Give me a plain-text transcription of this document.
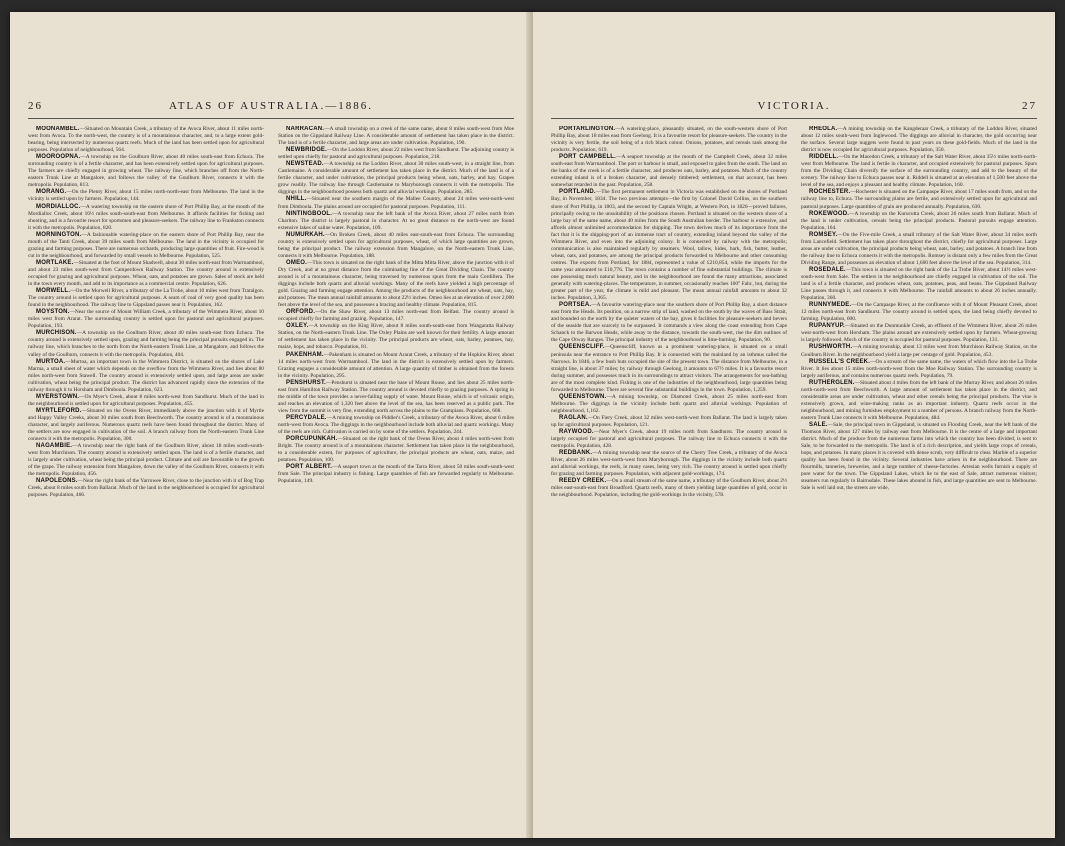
26	ATLAS OF AUSTRALIA.—1886.

MOONAMBEL.—Situated on Mountain Creek, a tributary of the Avoca River, about 11 miles north-west from Avoca. To the north-west, the country is of a mountainous character, and, to a large extent gold-bearing, being intersected by numerous quartz reefs. Much of the land has been settled upon for agricultural purposes. Population of neighbourhood, 564.

MOOROOPNA.—A township on the Goulburn River, about 40 miles south-east from Echuca. The surrounding country is of a fertile character, and has been extensively settled upon for agricultural purposes. The farmers are chiefly engaged in growing wheat. The railway line, which branches off from the North-eastern Trunk Line at Mangalore, and follows the valley of the Goulburn River, connects it with the metropolis. Population, 813.

MORANG.—On the Plenty River, about 15 miles north-north-east from Melbourne. The land in the vicinity is settled upon by farmers. Population, 144.

MORDIALLOC.—A watering township on the eastern shore of Port Phillip Bay, at the mouth of the Mordialloc Creek, about 16½ miles south-south-east from Melbourne. It affords facilities for fishing and shooting, and is a favourite resort for sportsmen and pleasure-seekers. The railway line to Frankston connects it with the metropolis. Population, 820.

MORNINGTON.—A fashionable watering-place on the eastern shore of Port Phillip Bay, near the mouth of the Tanti Creek, about 39 miles south from Melbourne. The land in the vicinity is occupied for grazing and farming purposes. There are numerous orchards, producing large quantities of fruit. Fire-wood is cut in the neighbourhood, and forwarded by small vessels to Melbourne. Population, 525.

MORTLAKE.—Situated at the foot of Mount Shadwell, about 30 miles north-east from Warrnambool, and about 23 miles south-west from Camperdown Railway Station. The country around is extensively occupied for grazing and agricultural purposes. Wheat, oats, and potatoes are grown. Sales of stock are held in the town every month, and add to its importance as a commercial centre. Population, 626.

MORWELL.—On the Morwell River, a tributary of the La Trobe, about 10 miles west from Traralgon. The country around is settled upon for agricultural purposes. A seam of coal of very good quality has been found in the neighbourhood. The railway line to Gippsland passes near it. Population, 162.

MOYSTON.—Near the source of Mount William Creek, a tributary of the Wimmera River, about 10 miles west from Ararat. The surrounding country is settled upon for pastoral and agricultural purposes. Population, 193.

MURCHISON.—A township on the Goulburn River, about 40 miles south-east from Echuca. The country around is extensively settled upon, grazing and farming being the principal pursuits engaged in. The railway line, which branches to the north from the North-eastern Trunk Line, at Mangalore, and follows the valley of the Goulburn, connects it with the metropolis. Population, 404.

MURTOA.—Murtoa, an important town in the Wimmera District, is situated on the shores of Lake Marma, a small sheet of water which depends on the overflow from the Wimmera River, and lies about 80 miles north-west from Stawell. The country around is extensively settled upon, and large areas are under cultivation, wheat being the principal product. The district has advanced rapidly since the extension of the railway through it to Horsham and Dimboola. Population, 623.

MYERSTOWN.—On Myer's Creek, about 8 miles north-west from Sandhurst. Much of the land in the neighbourhood is settled upon for agricultural purposes. Population, 455.

MYRTLEFORD.—Situated on the Ovens River, immediately above the junction with it of Myrtle and Happy Valley Creeks, about 30 miles south from Beechworth. The country around is of a mountainous character, and largely auriferous. Numerous quartz reefs have been found throughout the district. Many of the settlers are now engaged in cultivation of the soil. A branch railway from the North-eastern Trunk Line connects it with the metropolis. Population, 300.

NAGAMBIE.—A township near the right bank of the Goulburn River, about 18 miles south-south-west from Murchison. The country around is extensively settled upon. The land is of a fertile character, and is largely under cultivation, wheat being the principal product. Climate and soil are favourable to the growth of the grape. The railway extension from Mangalore, down the valley of the Goulburn River, connects it with the metropolis. Population, 456.

NAPOLEONS.—Near the right bank of the Yarrowee River, close to the junction with it of Bog Trap Creek, about 8 miles south from Ballarat. Much of the land in the neighbourhood is occupied for agricultural purposes. Population, 466.

NARRACAN.—A small township on a creek of the same name, about 8 miles south-west from Moe Station on the Gippsland Railway Line. A considerable amount of settlement has taken place in the district. The land is of a fertile character, and large areas are under cultivation. Population, 190.

NEWBRIDGE.—On the Loddon River, about 22 miles west from Sandhurst. The adjoining country is settled upon chiefly for pastoral and agricultural purposes. Population, 218.

NEWSTEAD.—A township on the Loddon River, about 30 miles south-west, in a straight line, from Castlemaine. A considerable amount of settlement has taken place in the district. Much of the land is of a fertile character, and under cultivation, the principal products being wheat, oats, barley, and hay. Grapes grow readily. The railway line through Castlemaine to Maryborough connects it with the metropolis. The diggings in the neighbourhood possess both quartz and alluvial workings. Population, 285.

NHILL.—Situated near the southern margin of the Mallee Country, about 24 miles west-north-west from Dimboola. The plains around are occupied for pastoral purposes. Population, 111.

NINTINGBOOL.—A township near the left bank of the Avoca River, about 27 miles north from Charlton. The district is largely pastoral in character. At no great distance to the north-west are found extensive lakes of saline water. Population, 109.

NUMURKAH.—On Broken Creek, about 40 miles east-south-east from Echuca. The surrounding country is extensively settled upon for agricultural purposes, wheat, of which large quantities are grown, being the principal product. The railway extension from Mangalore, on the North-eastern Trunk Line, connects it with Melbourne. Population, 188.

OMEO.—This town is situated on the right bank of the Mitta Mitta River, above the junction with it of Dry Creek, and at no great distance from the culminating line of the Great Dividing Chain. The country around is of a mountainous character, being traversed by numerous spurs from the main Cordillera. The diggings include both quartz and alluvial workings. Many of the reefs have yielded a high percentage of gold. Grazing and farming engage attention. Among the products of the neighbourhood are wheat, oats, hay, and potatoes. The mean annual rainfall amounts to about 22½ inches. Omeo lies at an elevation of over 2,000 feet above the level of the sea, and possesses a bracing and healthy climate. Population, 815.

ORFORD.—On the Shaw River, about 13 miles north-east from Belfast. The country around is occupied chiefly for farming and grazing. Population, 147.

OXLEY.—A township on the King River, about 8 miles south-south-east from Wangaratta Railway Station, on the North-eastern Trunk Line. The Oxley Plains are well known for their fertility. A large amount of settlement has taken place in the vicinity. The principal products are wheat, oats, barley, potatoes, hay, maize, hops, and tobacco. Population, 81.

PAKENHAM.—Pakenham is situated on Mount Ararat Creek, a tributary of the Hopkins River, about 14 miles north-west from Warrnambool. The land in the district is extensively settled upon by farmers. Grazing engages a considerable amount of attention. A large quantity of timber is obtained from the forests in the vicinity. Population, 295.

PENSHURST.—Penshurst is situated near the base of Mount Rouse, and lies about 25 miles north-east from Hamilton Railway Station. The country around is devoted chiefly to grazing purposes. A spring in the middle of the town provides a never-failing supply of water. Mount Rouse, which is of volcanic origin, and reaches an elevation of 1,320 feet above the level of the sea, has been reserved as a public park. The view from the summit is very fine, extending north across the plains to the Grampians. Population, 608.

PERCYDALE.—A mining township on Piddler's Creek, a tributary of the Avoca River, about 6 miles north-west from Avoca. The diggings in the neighbourhood include both alluvial and quartz workings. Many of the reefs are rich. Cultivation is carried on by some of the settlers. Population, 244.

PORCUPUNKAH.—Situated on the right bank of the Ovens River, about 4 miles north-west from Bright. The country around is of a mountainous character. Settlement has taken place in the neighbourhood, to a considerable extent, for purposes of agriculture, the principal products are wheat, oats, maize, and potatoes. Population, 100.

PORT ALBERT.—A seaport town at the mouth of the Tarra River, about 50 miles south-south-west from Sale. The principal industry is fishing. Large quantities of fish are forwarded regularly to Melbourne. Population, 149.

VICTORIA.	27

PORTARLINGTON.—A watering-place, pleasantly situated, on the south-western shore of Port Phillip Bay, about 18 miles east from Geelong. It is a favourite resort for pleasure-seekers. The country in the vicinity is very fertile, the soil being of a rich black colour. Onions, potatoes, and cereals rank among the products. Population, 619.

PORT CAMPBELL.—A seaport township at the mouth of the Campbell Creek, about 32 miles south-east from Warrnambool. The port or harbour is small, and exposed to gales from the south. The land on the banks of the creek is of a fertile character, and produces oats, barley, and potatoes. Much of the country extending inland is of a broken character, and densely timbered; settlement, on that account, has been somewhat retarded in the past. Population, 258.

PORTLAND.—The first permanent settlement in Victoria was established on the shores of Portland Bay, in November, 1834. The two previous attempts—the first by Colonel David Collins, on the southern shore of Port Phillip, in 1803, and the second by Captain Wright, at Western Port, in 1826—proved failures, principally owing to the unsuitability of the positions chosen. Portland is situated on the western shore of a large bay of the same name, about 40 miles from the South Australian border. The harbour is extensive, and affords almost unlimited accommodation for shipping. The town derives much of its importance from the fact that it is the shipping-port of an immense tract of country, extending inland beyond the valley of the Wimmera River, and even into the adjoining colony. It is connected by railway with the metropolis; communication is also maintained regularly by steamers. Wool, tallow, hides, bark, fish, butter, leather, wheat, oats, and potatoes, are among the principal products forwarded to Melbourne and other consuming centres. The exports from Portland, for 1884, represented a value of £210,854, while the imports for the same year amounted to £10,776. The town contains a number of fine substantial buildings. The climate is one possessing much natural beauty, and in the neighbourhood are found the many attractions, associated generally with watering-places. The temperature, in summer, occasionally reaches 100° Fahr., but, during the greater part of the year, the climate is mild and pleasant. The mean annual rainfall amounts to about 32 inches. Population, 3,365.

PORTSEA.—A favourite watering-place near the southern shore of Port Phillip Bay, a short distance east from the Heads. Its position, on a narrow strip of land, washed on the south by the waves of Bass Strait, and bounded on the north by the quieter waters of the bay, gives it facilities for pleasure-seekers and bevers of the seaside that are scarcely to be surpassed. It commands a view along the coast extending from Cape Schanck to the Barwon Heads, while away to the distance, towards the south-west, rise the dim outlines of the Cape Otway Ranges. The principal industry of the neighbourhood is lime-burning. Population, 90.

QUEENSCLIFF.—Queenscliff, known as a prominent watering-place, is situated on a small peninsula near the entrance to Port Phillip Bay. It is connected with the mainland by an isthmus called the Narrows. In 1846, a few bush huts occupied the site of the present town. The distance from Melbourne, in a straight line, is about 37 miles; by railway through Geelong, it amounts to 67½ miles. It is a favourite resort during summer, and possesses much in its surroundings to attract visitors. The arrangements for sea-bathing are of the most complete kind. Fishing is one of the industries of the neighbourhood, large quantities being forwarded to Melbourne. There are several fine substantial buildings in the town. Population, 1,259.

QUEENSTOWN.—A mining township, on Diamond Creek, about 25 miles north-east from Melbourne. The diggings in the vicinity include both quartz and alluvial workings. Population of neighbourhood, 1,162.

RAGLAN.—On Fiery Creek, about 32 miles west-north-west from Ballarat. The land is largely taken up for agricultural purposes. Population, 121.

RAYWOOD.—Near Myer's Creek, about 19 miles north from Sandhurst. The country around is largely occupied for pastoral and agricultural purposes. The railway line to Echuca connects it with the metropolis. Population, 428.

REDBANK.—A mining township near the source of the Cherry Tree Creek, a tributary of the Avoca River, about 26 miles west-north-west from Maryborough. The diggings in the vicinity include both quartz and alluvial workings, the reefs, in many cases, being very rich. The country around is settled upon chiefly for grazing and farming purposes. Population, with adjacent gold-workings, 174.

REEDY CREEK.—On a small stream of the same name, a tributary of the Goulburn River, about 2½ miles east-south-east from Broadford. Quartz reefs, many of them yielding large quantities of gold, occur in the neighbourhood. Population, including the gold-workings in the vicinity, 578.

RHEOLA.—A mining township on the Kangderaar Creek, a tributary of the Loddon River, situated about 12 miles south-west from Inglewood. The diggings are alluvial in character, the gold occurring near the surface. Several large nuggets were found in past years on these gold-fields. Much of the land in the district is now occupied for agricultural purposes. Population, 350.

RIDDELL.—On the Macedon Creek, a tributary of the Salt Water River, about 35½ miles north-north-west from Melbourne. The land is fertile in character, and occupied extensively for pastoral purposes. Spurs from the Dividing Chain diversify the surface of the surrounding country, and add to the beauty of the scenery. The railway line to Echuca passes near it. Riddell is situated at an elevation of 1,500 feet above the level of the sea, and enjoys a pleasant and healthy climate. Population, 160.

ROCHESTER.—Rochester is situated on the Campaspe River, about 17 miles south from, and on the railway line to, Echuca. The surrounding plains are fertile, and extensively settled upon for agricultural and pastoral purposes. Large quantities of grain are produced annually. Population, 630.

ROKEWOOD.—A township on the Kurucutta Creek, about 26 miles south from Ballarat. Much of the land is under cultivation, cereals being the principal products. Pastoral pursuits engage attention. Population, 164.

ROMSEY.—On the Five-mile Creek, a small tributary of the Salt Water River, about 34 miles north from Lancefield. Settlement has taken place throughout the district, chiefly for agricultural purposes. Large areas are under cultivation, the principal products being wheat, oats, barley, and potatoes. A branch line from the railway line to Echuca connects it with the metropolis. Romsey is distant only a few miles from the Great Dividing Range, and possesses an elevation of about 1,600 feet above the level of the sea. Population, 314.

ROSEDALE.—This town is situated on the right bank of the La Trobe River, about 14½ miles west-south-west from Sale. The settlers in the neighbourhood are chiefly engaged in cultivation of the soil. The land is of a fertile character, and produces wheat, oats, potatoes, peas, and beans. The Gippsland Railway Line passes through it, and connects it with Melbourne. The rainfall amounts to about 26 inches annually. Population, 360.

RUNNYMEDE.—On the Campaspe River, at the confluence with it of Mount Pleasant Creek, about 12 miles north-east from Sandhurst. The country around is settled upon, the land being chiefly devoted to farming. Population, 600.

RUPANYUP.—Situated on the Dunmunkle Creek, an effluent of the Wimmera River, about 26 miles west-north-west from Horsham. The plains around are extensively settled upon by farmers. Wheat-growing is largely followed. Much of the country is occupied for pastoral purposes. Population, 131.

RUSHWORTH.—A mining township, about 13 miles west from Murchison Railway Station, on the Goulburn River. In the neighbourhood yield a large per centage of gold. Population, 453.

RUSSELL'S CREEK.—On a stream of the same name, the waters of which flow into the La Trobe River. It lies about 15 miles north-north-west from the Moe Railway Station. The surrounding country is largely auriferous, and contains numerous quartz reefs. Population, 79.

RUTHERGLEN.—Situated about 4 miles from the left bank of the Murray River, and about 26 miles north-north-west from Beechworth. A large amount of settlement has taken place in the district, and considerable areas are under cultivation, wheat and other cereals being the principal products. The vine is extensively grown, and wine-making ranks as an important industry. Quartz reefs occur in the neighbourhood, and mining furnishes employment to a number of persons. A branch railway from the North-eastern Trunk Line connects it with Melbourne. Population, 484.

SALE.—Sale, the principal town in Gippsland, is situated on Flooding Creek, near the left bank of the Thomson River, about 127 miles by railway east from Melbourne. It is the centre of a large and important district. Much of the produce from the numerous farms into which the country has been divided, is sent to Sale, to be forwarded to the metropolis. The land is of a rich description, and yields large crops of cereals, hops, and potatoes. In many places it is covered with dense scrub, very difficult to clear. Marble of a superior quality has been found in the vicinity. Several industries have arisen in the neighbourhood. There are flourmills, tanneries, breweries, and a large number of cheese-factories. Artesian wells furnish a supply of pure water for the town. The Gippsland Lakes, which lie to the east of Sale, attract numerous visitors; steamers run regularly to Bairnsdale. These lakes abound in fish, and large quantities are sent to Melbourne. Sale is well laid out, the streets are wide,
